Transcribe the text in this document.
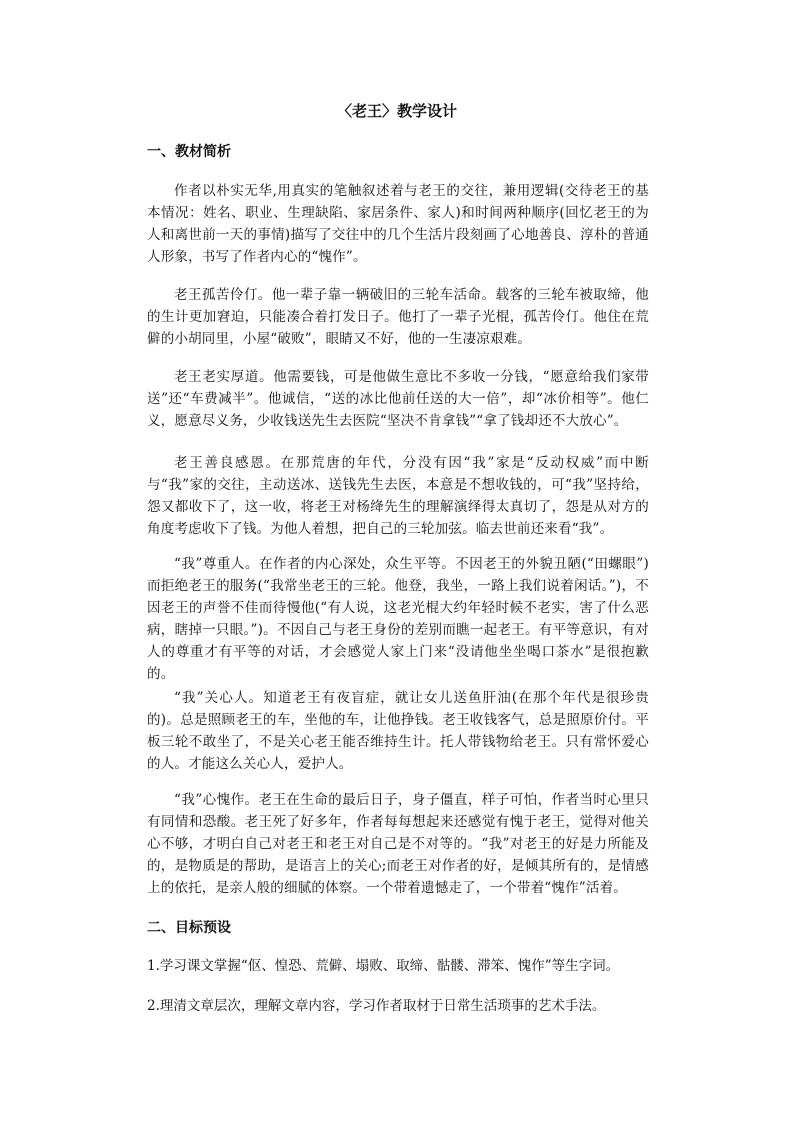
〈老王〉教学设计
一、教材简析
作者以朴实无华,用真实的笔触叙述着与老王的交往，兼用逻辑(交待老王的基本情况：姓名、职业、生理缺陷、家居条件、家人)和时间两种顺序(回忆老王的为人和离世前一天的事情)描写了交往中的几个生活片段刻画了心地善良、淳朴的普通人形象，书写了作者内心的“愧作”。
老王孤苦伶仃。他一辈子靠一辆破旧的三轮车活命。载客的三轮车被取缔，他的生计更加窘迫，只能凑合着打发日子。他打了一辈子光棍，孤苦伶仃。他住在荒僻的小胡同里，小屋“破败”，眼睛又不好，他的一生凄凉艰难。
老王老实厚道。他需要钱，可是他做生意比不多收一分钱，“愿意给我们家带送”还“车费减半”。他诚信，“送的冰比他前任送的大一倍”，却“冰价相等”。他仁义，愿意尽义务，少收钱送先生去医院“坚决不肯拿钱”“拿了钱却还不大放心”。
老王善良感恩。在那荒唐的年代，分没有因“我”家是“反动权威”而中断与“我”家的交往，主动送冰、送钱先生去医，本意是不想收钱的，可“我”坚持给，怨又都收下了，这一收，将老王对杨绛先生的理解演绎得太真切了，怨是从对方的角度考虑收下了钱。为他人着想，把自己的三轮加弦。临去世前还来看“我”。
“我”尊重人。在作者的内心深处，众生平等。不因老王的外貌丑陋(“田螺眼”)而拒绝老王的服务(“我常坐老王的三轮。他登，我坐，一路上我们说着闲话。”)，不因老王的声誉不佳而待慢他(“有人说，这老光棍大约年轻时候不老实，害了什么恶病，瞎掉一只眼。”)。不因自己与老王身份的差别而瞧一起老王。有平等意识，有对人的尊重才有平等的对话，才会感觉人家上门来“没请他坐坐喝口茶水”是很抱歉的。
“我”关心人。知道老王有夜盲症，就让女儿送鱼肝油(在那个年代是很珍贵的)。总是照顾老王的车，坐他的车，让他挣钱。老王收钱客气，总是照原价付。平板三轮不敢坐了，不是关心老王能否维持生计。托人带钱物给老王。只有常怀爱心的人。才能这么关心人，爱护人。
“我”心愧作。老王在生命的最后日子，身子僵直，样子可怕，作者当时心里只有同情和恐酸。老王死了好多年，作者每每想起来还感觉有愧于老王，觉得对他关心不够，才明白自己对老王和老王对自己是不对等的。“我”对老王的好是力所能及的，是物质是的帮助，是语言上的关心;而老王对作者的好，是倾其所有的，是情感上的依托，是亲人般的细腻的体察。一个带着遗憾走了，一个带着“愧作”活着。
二、目标预设
1.学习课文掌握“伛、惶恐、荒僻、塌败、取缔、骷髅、滞笨、愧作”等生字词。
2.理清文章层次，理解文章内容，学习作者取材于日常生活琐事的艺术手法。
